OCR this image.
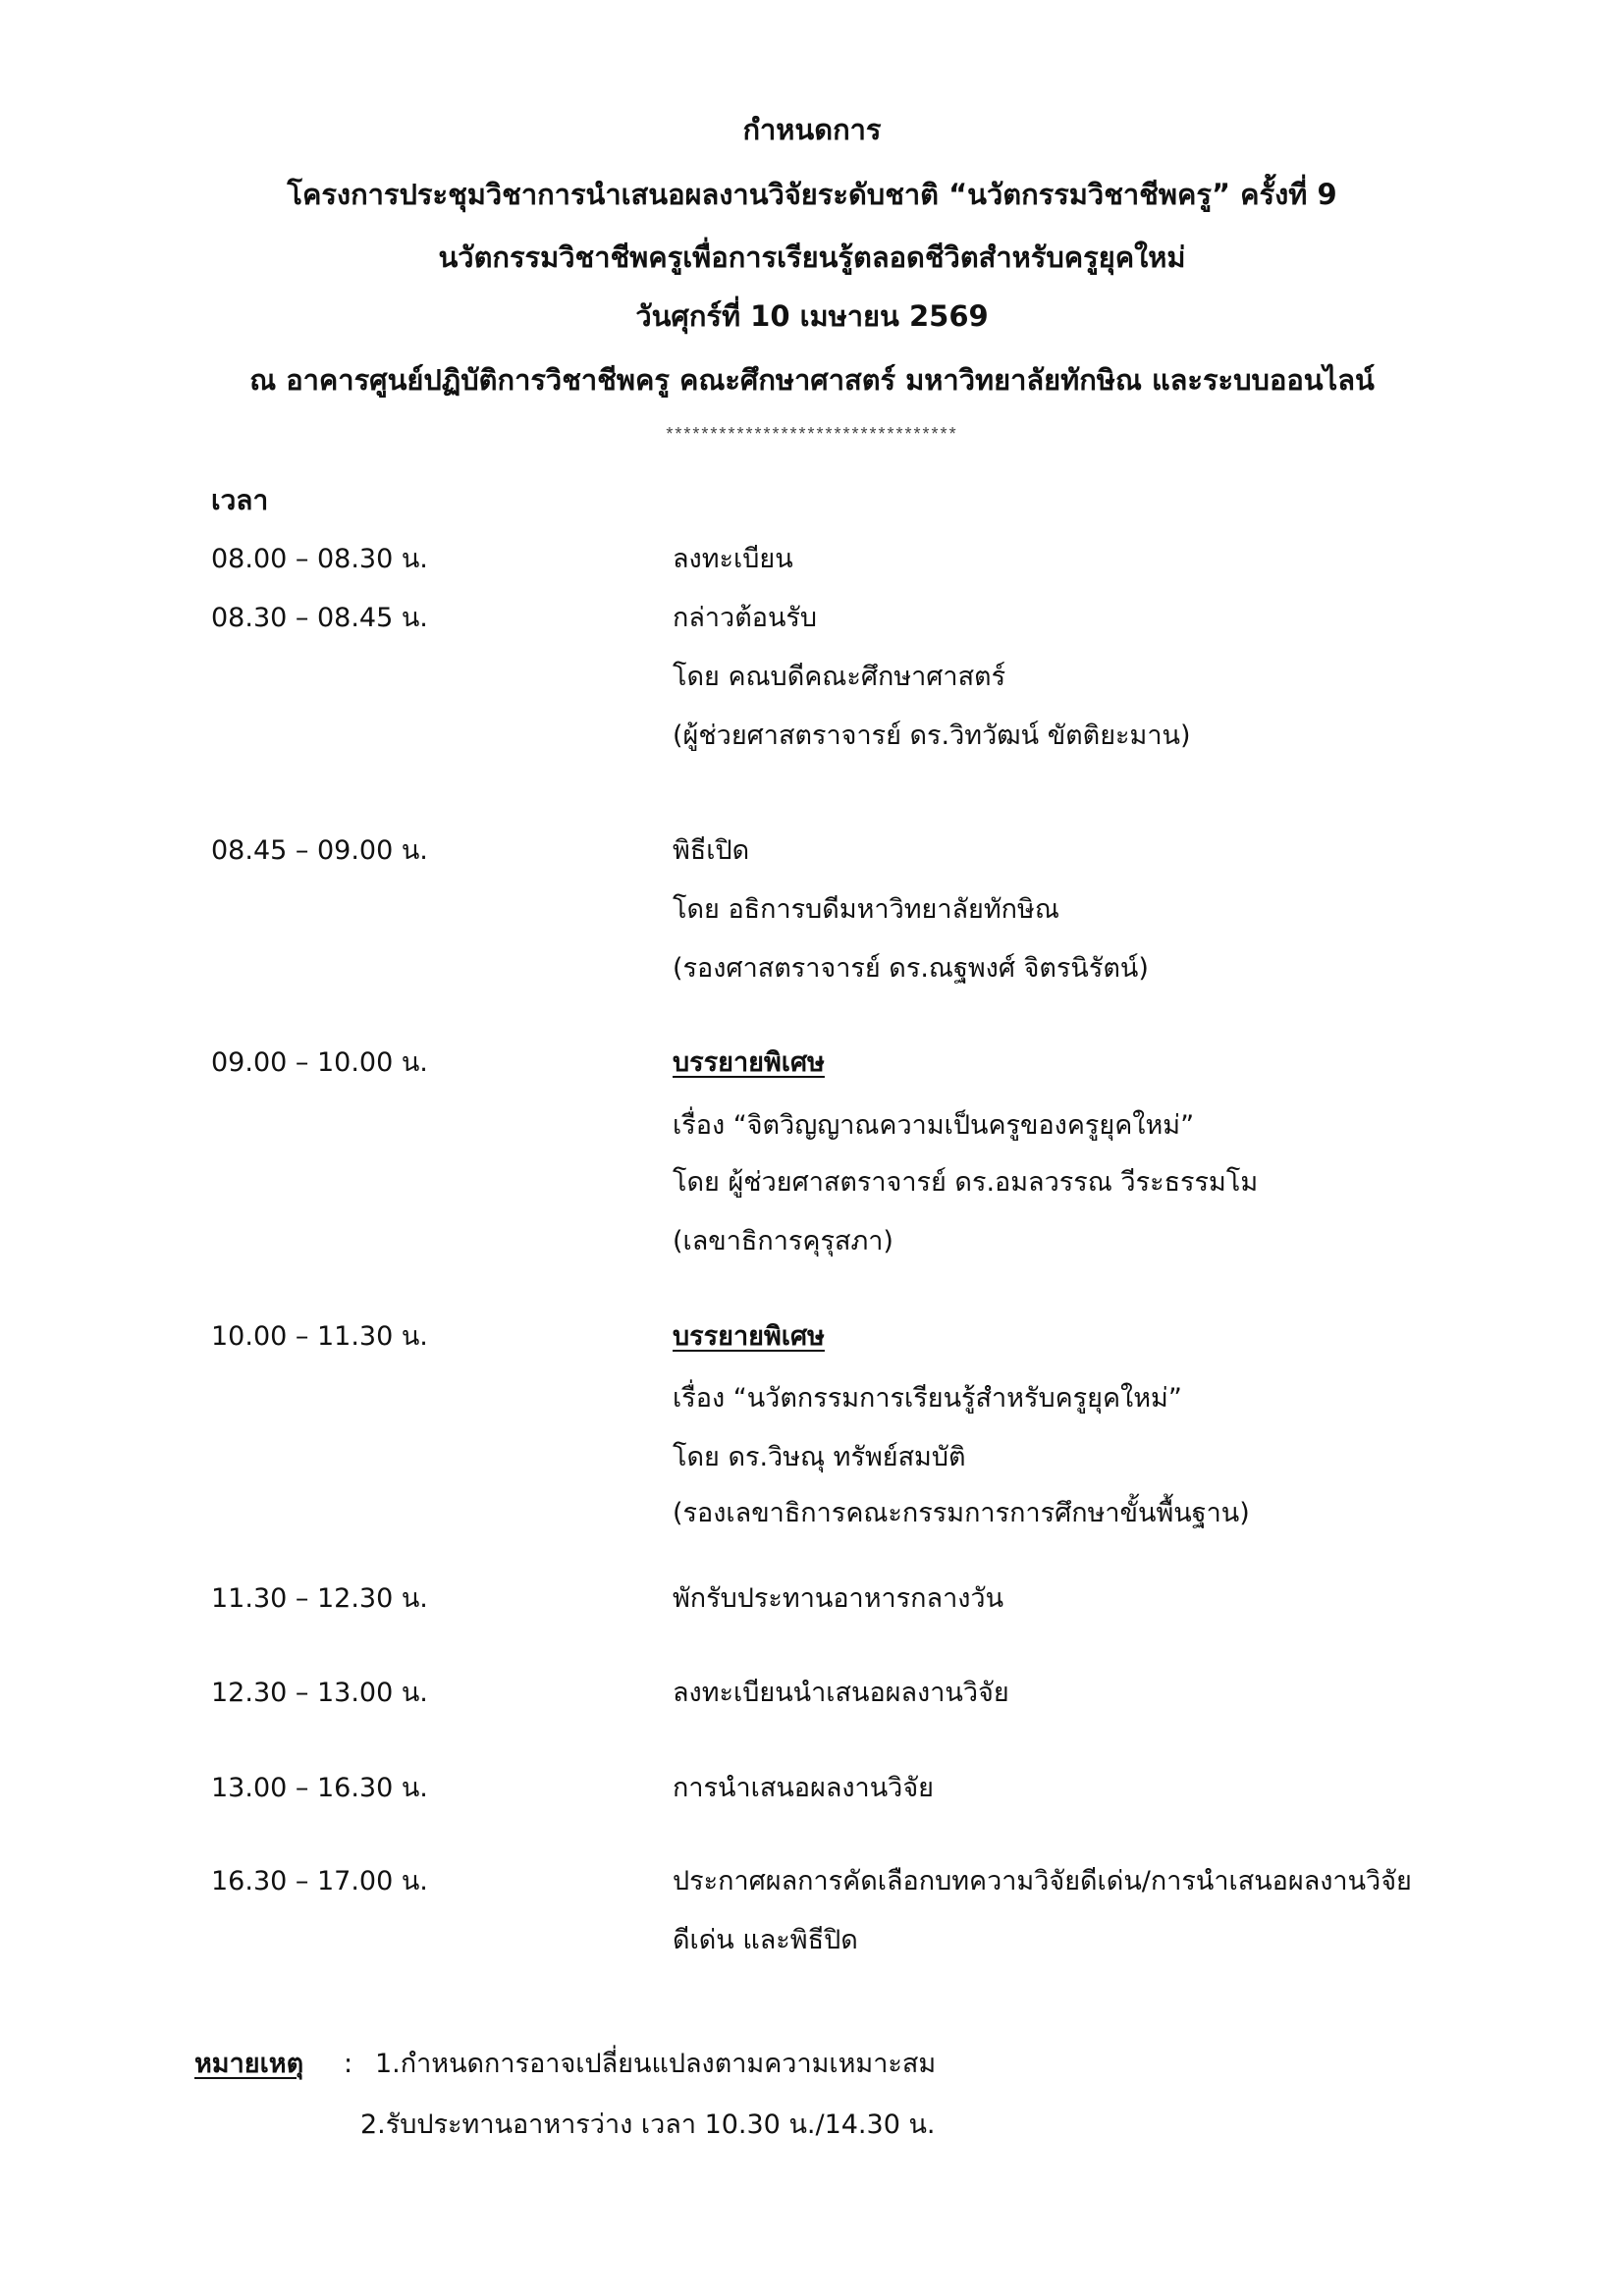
กำหนดการ
โครงการประชุมวิชาการนำเสนอผลงานวิจัยระดับชาติ “นวัตกรรมวิชาชีพครู” ครั้งที่ 9
นวัตกรรมวิชาชีพครูเพื่อการเรียนรู้ตลอดชีวิตสำหรับครูยุคใหม่
วันศุกร์ที่ 10 เมษายน 2569
ณ อาคารศูนย์ปฏิบัติการวิชาชีพครู คณะศึกษาศาสตร์ มหาวิทยาลัยทักษิณ และระบบออนไลน์
*********************************
เวลา
08.00 – 08.30 น.	ลงทะเบียน
08.30 – 08.45 น.	กล่าวต้อนรับ
โดย คณบดีคณะศึกษาศาสตร์
(ผู้ช่วยศาสตราจารย์ ดร.วิทวัฒน์ ขัตติยะมาน)
08.45 – 09.00 น.	พิธีเปิด
โดย อธิการบดีมหาวิทยาลัยทักษิณ
(รองศาสตราจารย์ ดร.ณฐพงศ์ จิตรนิรัตน์)
09.00 – 10.00 น.	บรรยายพิเศษ
เรื่อง “จิตวิญญาณความเป็นครูของครูยุคใหม่”
โดย ผู้ช่วยศาสตราจารย์ ดร.อมลวรรณ วีระธรรมโม
(เลขาธิการคุรุสภา)
10.00 – 11.30 น.	บรรยายพิเศษ
เรื่อง “นวัตกรรมการเรียนรู้สำหรับครูยุคใหม่”
โดย ดร.วิษณุ ทรัพย์สมบัติ
(รองเลขาธิการคณะกรรมการการศึกษาขั้นพื้นฐาน)
11.30 – 12.30 น.	พักรับประทานอาหารกลางวัน
12.30 – 13.00 น.	ลงทะเบียนนำเสนอผลงานวิจัย
13.00 – 16.30 น.	การนำเสนอผลงานวิจัย
16.30 – 17.00 น.	ประกาศผลการคัดเลือกบทความวิจัยดีเด่น/การนำเสนอผลงานวิจัย
ดีเด่น และพิธีปิด
หมายเหตุ : 1.กำหนดการอาจเปลี่ยนแปลงตามความเหมาะสม
2.รับประทานอาหารว่าง เวลา 10.30 น./14.30 น.
